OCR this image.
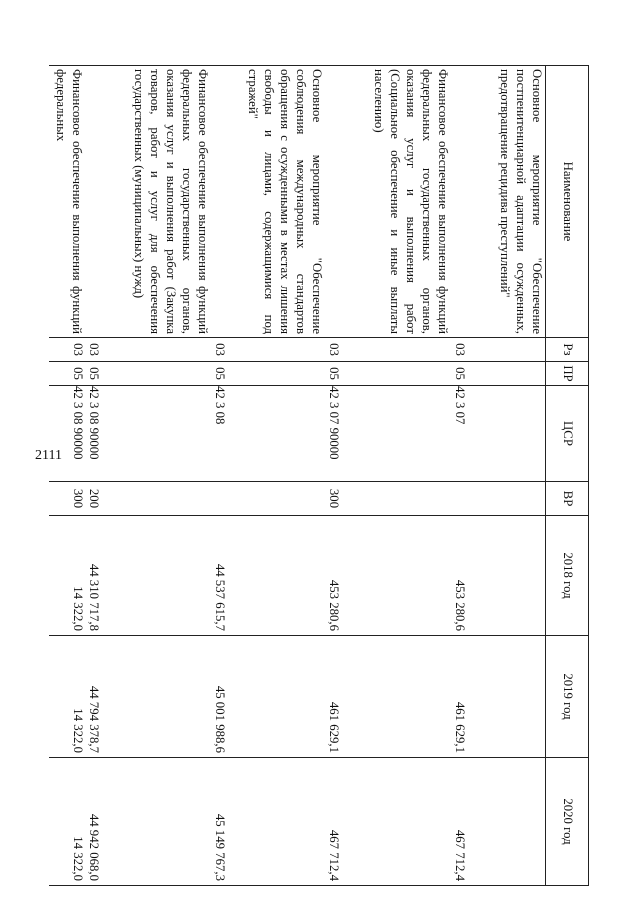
2111
Наименование	Рз	ПР	ЦСР	ВР	2018 год	2019 год	2020 год
Основное мероприятие "Обеспечение постпенитенциарной адаптации осужденных, предотвращение рецидива преступлений"	03	05	42 3 07		453 280,6	461 629,1	467 712,4
Финансовое обеспечение выполнения функций федеральных государственных органов, оказания услуг и выполнения работ (Социальное обеспечение и иные выплаты населению)	03	05	42 3 07 90000	300	453 280,6	461 629,1	467 712,4
Основное мероприятие "Обеспечение соблюдения международных стандартов обращения с осужденными в местах лишения свободы и лицами, содержащимися под стражей"	03	05	42 3 08		44 537 615,7	45 001 988,6	45 149 767,3
Финансовое обеспечение выполнения функций федеральных государственных органов, оказания услуг и выполнения работ (Закупка товаров, работ и услуг для обеспечения государственных (муниципальных) нужд)	03	05	42 3 08 90000	200	44 310 717,8	44 794 378,7	44 942 068,0
Финансовое обеспечение выполнения функций федеральных	03	05	42 3 08 90000	300	14 322,0	14 322,0	14 322,0
